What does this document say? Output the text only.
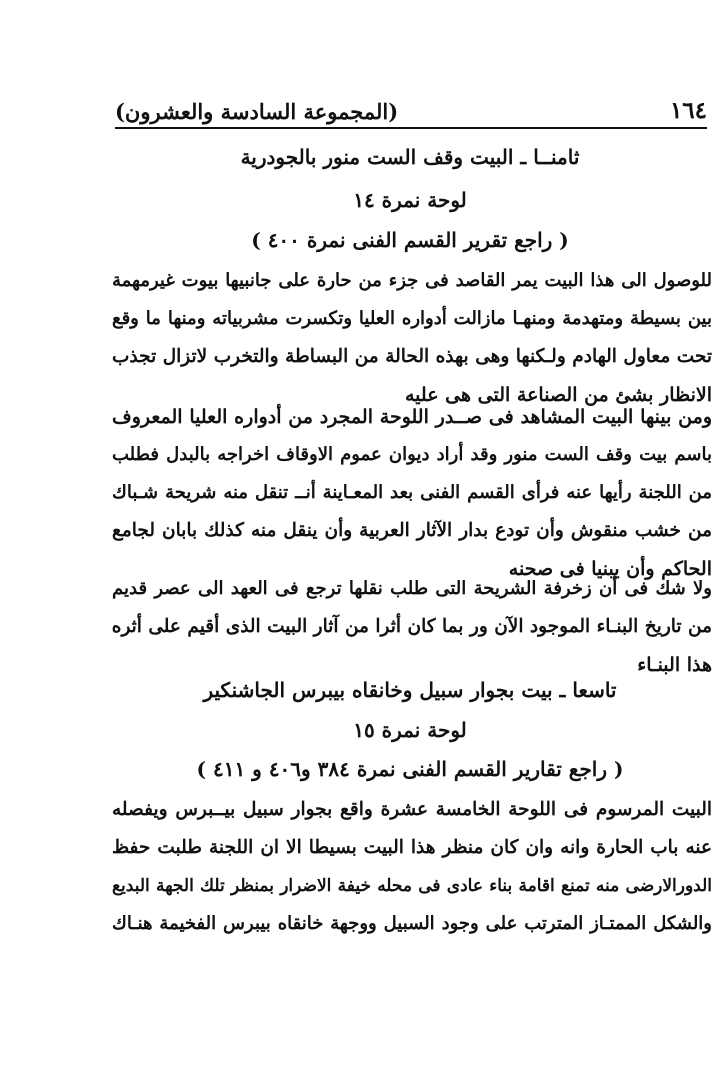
١٦٤
(المجموعة السادسة والعشرون)
ثامنــا ـ البيت وقف الست منور بالجودرية
لوحة نمرة ١٤
( راجع تقرير القسم الفنى نمرة ٤٠٠ )
للوصول الى هذا البيت يمر القاصد فى جزء من حارة على جانبيها بيوت غيرمهمة
بين بسيطة ومتهدمة ومنهـا مازالت أدواره العليا وتكسرت مشربياته ومنها ما وقع
تحت معاول الهادم ولـكنها وهى بهذه الحالة من البساطة والتخرب لاتزال تجذب
الانظار بشئ من الصناعة التى هى عليه
ومن بينها البيت المشاهد فى صــدر اللوحة المجرد من أدواره العليا المعروف
باسم بيت وقف الست منور وقد أراد ديوان عموم الاوقاف اخراجه بالبدل فطلب
من اللجنة رأيها عنه فرأى القسم الفنى بعد المعـاينة أنــ تنقل منه شريحة شـباك
من خشب منقوش وأن تودع بدار الآثار العربية وأن ينقل منه كذلك بابان لجامع
الحاكم وأن يبنيا فى صحنه
ولا شك فى أن زخرفة الشريحة التى طلب نقلها ترجع فى العهد الى عصر قديم
من تاريخ البنـاء الموجود الآن ور بما كان أثرا من آثار البيت الذى أقيم على أثره
هذا البنـاء
تاسعا ـ بيت بجوار سبيل وخانقاه بيبرس الجاشنكير
لوحة نمرة ١٥
( راجع تقارير القسم الفنى نمرة ٣٨٤ و٤٠٦ و ٤١١ )
البيت المرسوم فى اللوحة الخامسة عشرة واقع بجوار سبيل بيــبرس ويفصله
عنه باب الحارة وانه وان كان منظر هذا البيت بسيطا الا ان اللجنة طلبت حفظ
الدورالارضى منه تمنع اقامة بناء عادى فى محله خيفة الاضرار بمنظر تلك الجهة البديع
والشكل الممتـاز المترتب على وجود السبيل ووجهة خانقاه بيبرس الفخيمة هنـاك
